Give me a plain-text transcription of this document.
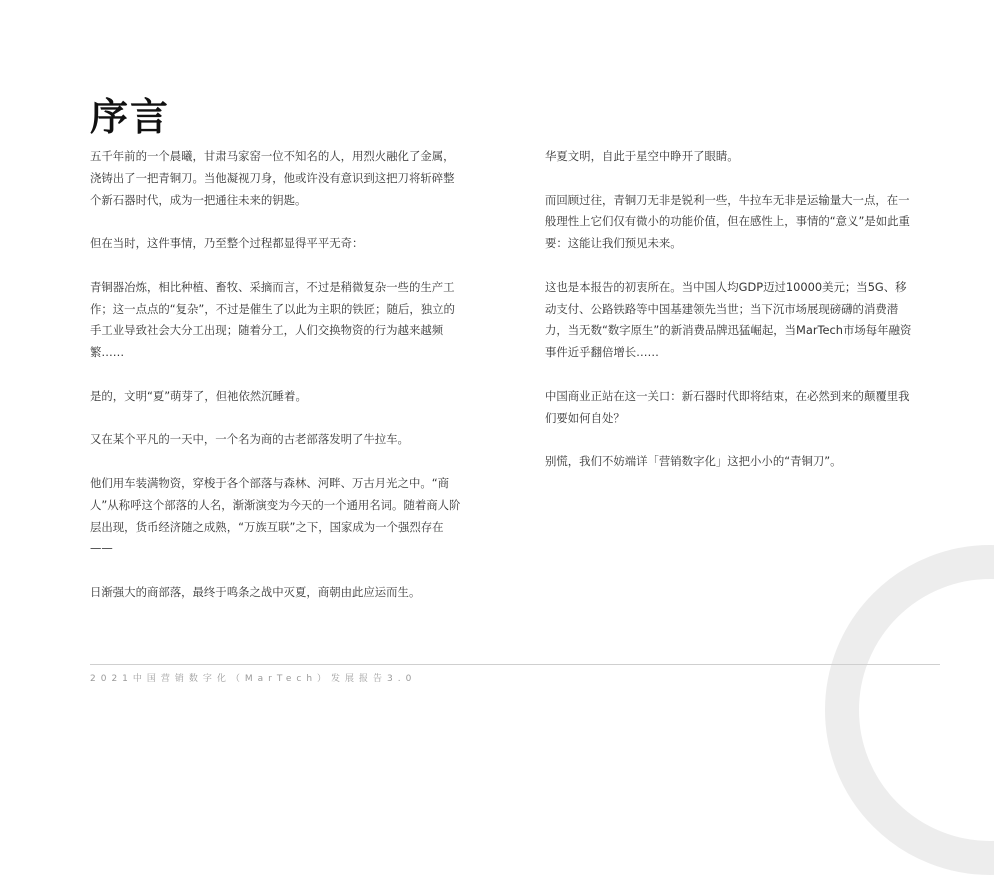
序言

五千年前的一个晨曦，甘肃马家窑一位不知名的人，用烈火融化了金属，浇铸出了一把青铜刀。当他凝视刀身，他或许没有意识到这把刀将斩碎整个新石器时代，成为一把通往未来的钥匙。

但在当时，这件事情，乃至整个过程都显得平平无奇：

青铜器冶炼，相比种植、畜牧、采摘而言，不过是稍微复杂一些的生产工作；这一点点的“复杂”，不过是催生了以此为主职的铁匠；随后，独立的手工业导致社会大分工出现；随着分工，人们交换物资的行为越来越频繁……

是的，文明“夏”萌芽了，但祂依然沉睡着。

又在某个平凡的一天中，一个名为商的古老部落发明了牛拉车。

他们用车装满物资，穿梭于各个部落与森林、河畔、万古月光之中。“商人”从称呼这个部落的人名，渐渐演变为今天的一个通用名词。随着商人阶层出现，货币经济随之成熟，“万族互联”之下，国家成为一个强烈存在——

日渐强大的商部落，最终于鸣条之战中灭夏，商朝由此应运而生。

华夏文明，自此于星空中睁开了眼睛。

而回顾过往，青铜刀无非是锐利一些，牛拉车无非是运输量大一点，在一般理性上它们仅有微小的功能价值，但在感性上，事情的“意义”是如此重要：这能让我们预见未来。

这也是本报告的初衷所在。当中国人均GDP迈过10000美元；当5G、移动支付、公路铁路等中国基建领先当世；当下沉市场展现磅礴的消费潜力，当无数“数字原生”的新消费品牌迅猛崛起，当MarTech市场每年融资事件近乎翻倍增长……

中国商业正站在这一关口：新石器时代即将结束，在必然到来的颠覆里我们要如何自处？

别慌，我们不妨端详「营销数字化」这把小小的“青铜刀”。

2021中国营销数字化（MarTech）发展报告3.0
